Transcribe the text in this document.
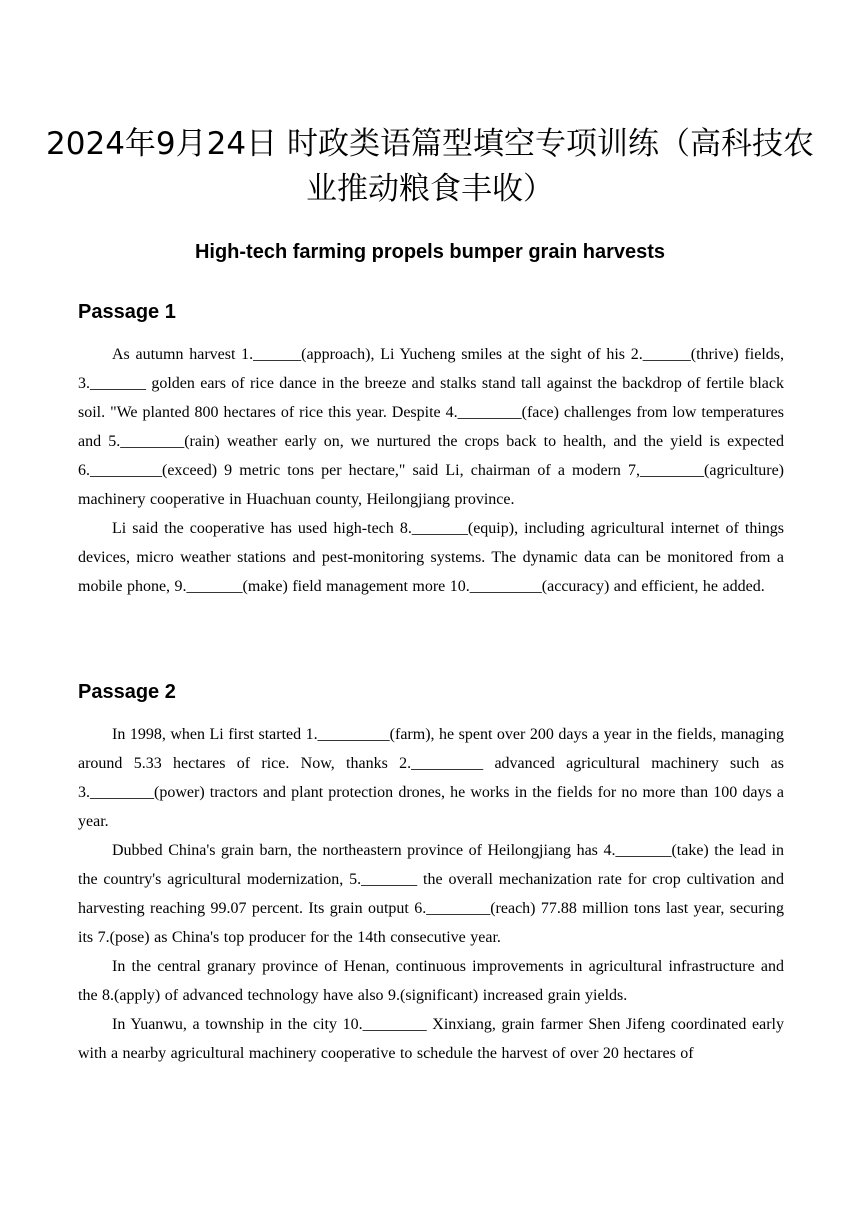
2024年9月24日 时政类语篇型填空专项训练（高科技农业推动粮食丰收）
High-tech farming propels bumper grain harvests
Passage 1

As autumn harvest 1.______(approach), Li Yucheng smiles at the sight of his 2.______(thrive) fields, 3._______ golden ears of rice dance in the breeze and stalks stand tall against the backdrop of fertile black soil. "We planted 800 hectares of rice this year. Despite 4.________(face) challenges from low temperatures and 5.________(rain) weather early on, we nurtured the crops back to health, and the yield is expected 6._________(exceed) 9 metric tons per hectare," said Li, chairman of a modern 7,________(agriculture) machinery cooperative in Huachuan county, Heilongjiang province.

Li said the cooperative has used high-tech 8._______(equip), including agricultural internet of things devices, micro weather stations and pest-monitoring systems. The dynamic data can be monitored from a mobile phone, 9._______(make) field management more 10._________(accuracy) and efficient, he added.

Passage 2

In 1998, when Li first started 1._________(farm), he spent over 200 days a year in the fields, managing around 5.33 hectares of rice. Now, thanks 2._________ advanced agricultural machinery such as 3.________(power) tractors and plant protection drones, he works in the fields for no more than 100 days a year.

Dubbed China's grain barn, the northeastern province of Heilongjiang has 4._______(take) the lead in the country's agricultural modernization, 5._______ the overall mechanization rate for crop cultivation and harvesting reaching 99.07 percent. Its grain output 6.________(reach) 77.88 million tons last year, securing its 7.(pose) as China's top producer for the 14th consecutive year.

In the central granary province of Henan, continuous improvements in agricultural infrastructure and the 8.(apply) of advanced technology have also 9.(significant) increased grain yields.

In Yuanwu, a township in the city 10.________ Xinxiang, grain farmer Shen Jifeng coordinated early with a nearby agricultural machinery cooperative to schedule the harvest of over 20 hectares of
